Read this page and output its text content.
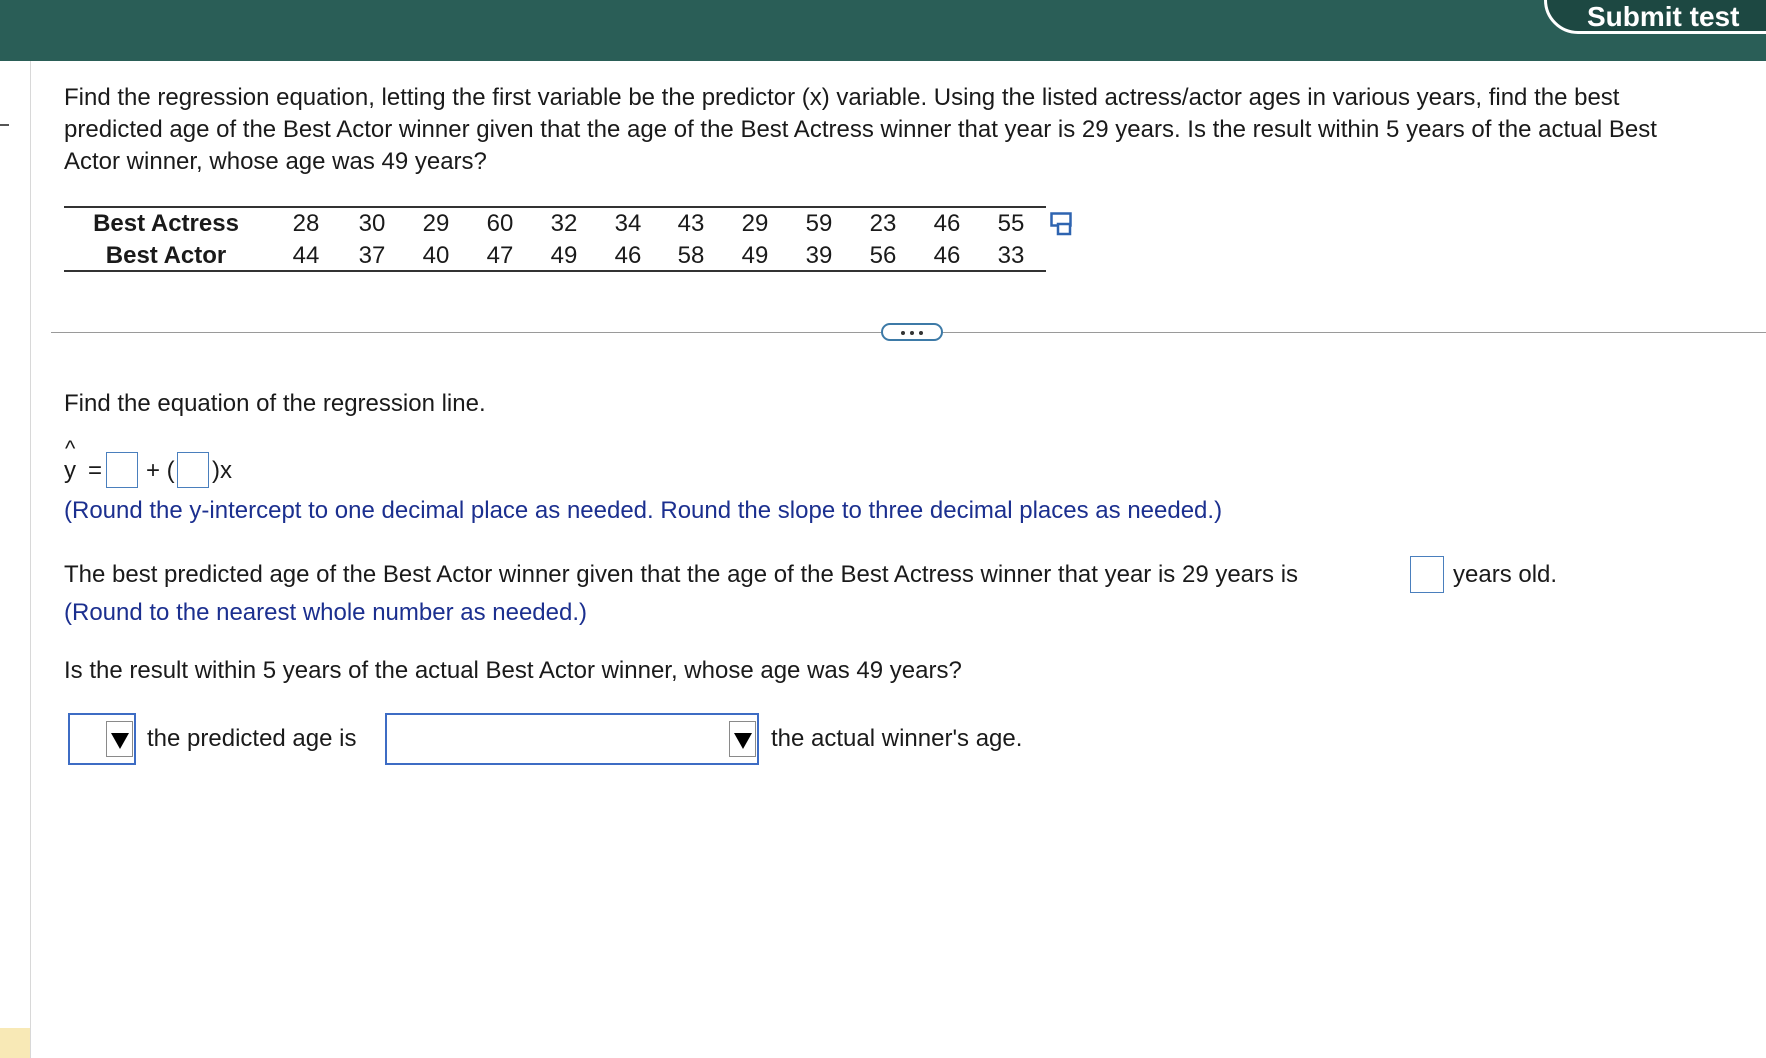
Submit test
Find the regression equation, letting the first variable be the predictor (x) variable. Using the listed actress/actor ages in various years, find the best
predicted age of the Best Actor winner given that the age of the Best Actress winner that year is 29 years. Is the result within 5 years of the actual Best
Actor winner, whose age was 49 years?
Best Actress	28	30	29	60	32	34	43	29	59	23	46	55
Best Actor	44	37	40	47	49	46	58	49	39	56	46	33
Find the equation of the regression line.
^
y = + ( )x
(Round the y-intercept to one decimal place as needed. Round the slope to three decimal places as needed.)
The best predicted age of the Best Actor winner given that the age of the Best Actress winner that year is 29 years is	years old.
(Round to the nearest whole number as needed.)
Is the result within 5 years of the actual Best Actor winner, whose age was 49 years?
the predicted age is	the actual winner's age.
